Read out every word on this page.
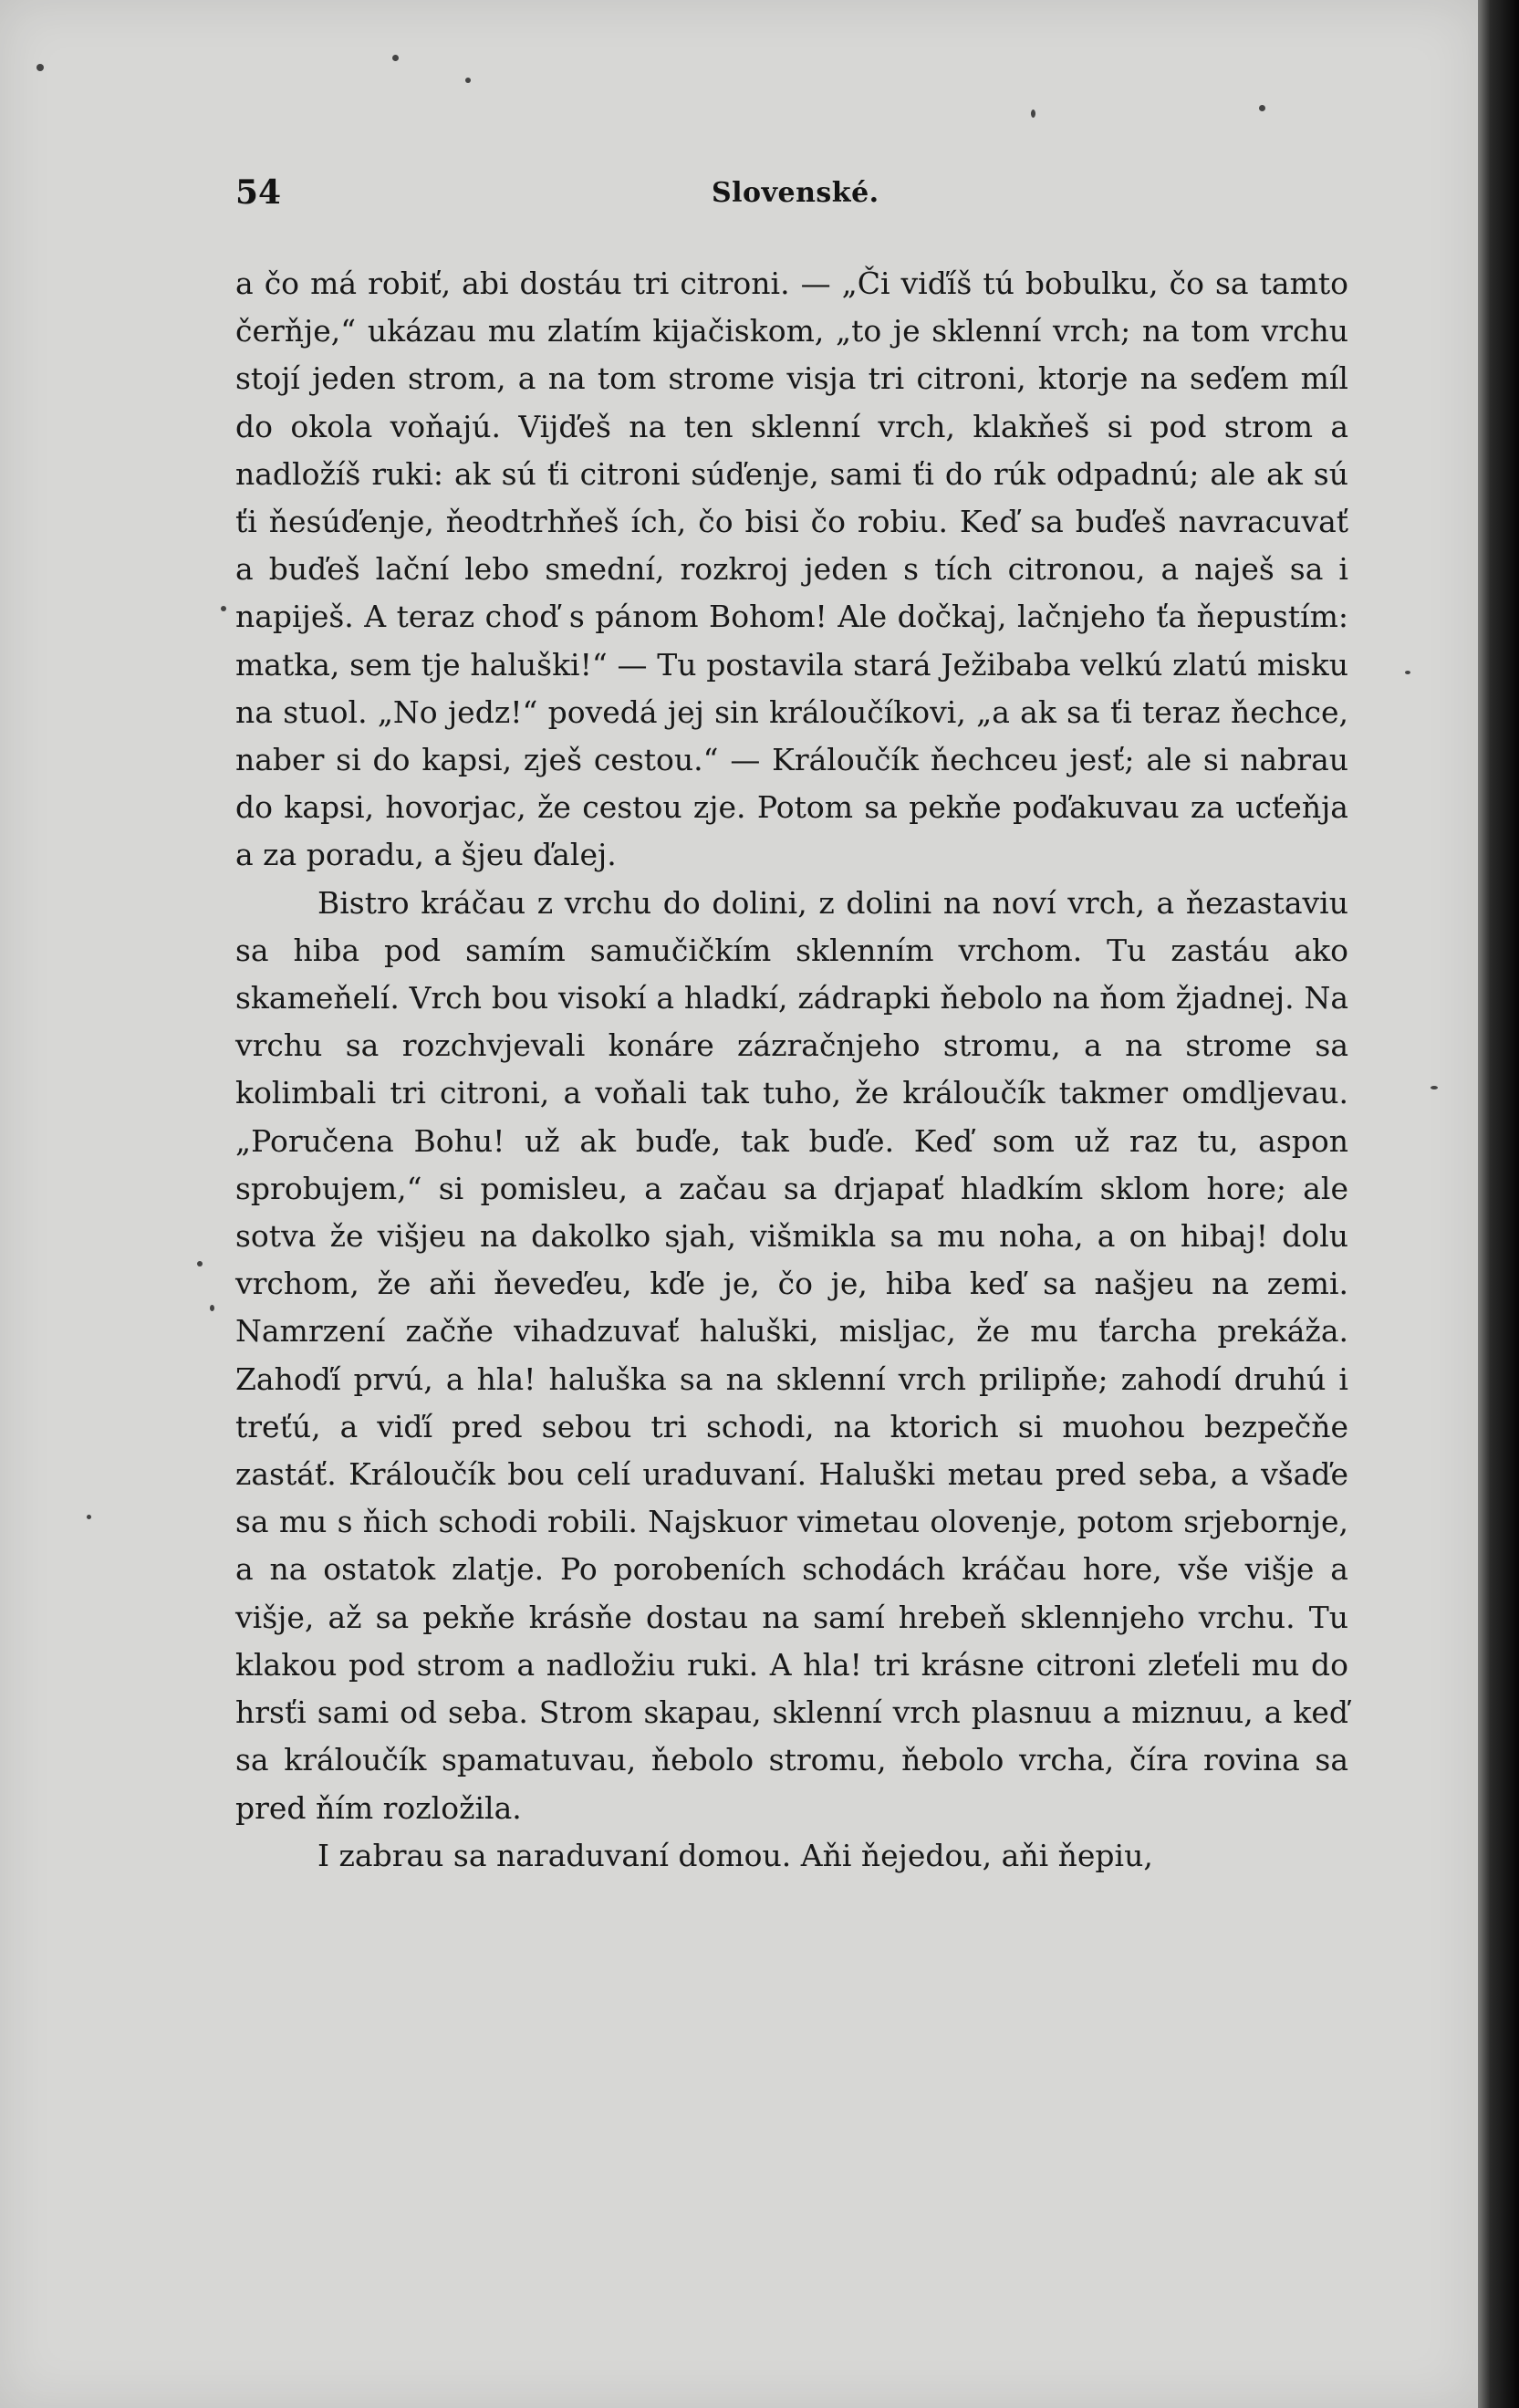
54	Slovenské.

a čo má robiť, abi dostáu tri citroni. — „Či viďíš tú bobulku, čo sa tamto čerňje,“ ukázau mu zlatím kijačiskom, „to je sklenní vrch; na tom vrchu stojí jeden strom, a na tom strome visja tri citroni, ktorje na seďem míl do okola voňajú. Vijďeš na ten sklenní vrch, klakňeš si pod strom a nadložíš ruki: ak sú ťi citroni súďenje, sami ťi do rúk odpadnú; ale ak sú ťi ňesúďenje, ňeodtrhňeš ích, čo bisi čo robiu. Keď sa buďeš navracuvať a buďeš lační lebo smední, rozkroj jeden s tích citronou, a naješ sa i napiješ. A teraz choď s pánom Bohom! Ale dočkaj, lačnjeho ťa ňepustím: matka, sem tje haluški!“ — Tu postavila stará Ježibaba velkú zlatú misku na stuol. „No jedz!“ povedá jej sin králoučíkovi, „a ak sa ťi teraz ňechce, naber si do kapsi, zješ cestou.“ — Králoučík ňechceu jesť; ale si nabrau do kapsi, hovorjac, že cestou zje. Potom sa pekňe poďakuvau za ucťeňja a za poradu, a šjeu ďalej.

Bistro kráčau z vrchu do dolini, z dolini na noví vrch, a ňezastaviu sa hiba pod samím samučičkím sklenním vrchom. Tu zastáu ako skameňelí. Vrch bou visokí a hladkí, zádrapki ňebolo na ňom žjadnej. Na vrchu sa rozchvjevali konáre zázračnjeho stromu, a na strome sa kolimbali tri citroni, a voňali tak tuho, že králoučík takmer omdljevau. „Poručena Bohu! už ak buďe, tak buďe. Keď som už raz tu, aspon sprobujem,“ si pomisleu, a začau sa drjapať hladkím sklom hore; ale sotva že višjeu na dakolko sjah, višmikla sa mu noha, a on hibaj! dolu vrchom, že aňi ňeveďeu, kďe je, čo je, hiba keď sa našjeu na zemi. Namrzení začňe vihadzuvať haluški, misljac, že mu ťarcha prekáža. Zahoďí prvú, a hla! haluška sa na sklenní vrch prilipňe; zahodí druhú i treťú, a viďí pred sebou tri schodi, na ktorich si muohou bezpečňe zastáť. Králoučík bou celí uraduvaní. Haluški metau pred seba, a všaďe sa mu s ňich schodi robili. Najskuor vimetau olovenje, potom srjebornje, a na ostatok zlatje. Po porobeních schodách kráčau hore, vše višje a višje, až sa pekňe krásňe dostau na samí hrebeň sklennjeho vrchu. Tu klakou pod strom a nadložiu ruki. A hla! tri krásne citroni zleťeli mu do hrsťi sami od seba. Strom skapau, sklenní vrch plasnuu a miznuu, a keď sa králoučík spamatuvau, ňebolo stromu, ňebolo vrcha, číra rovina sa pred ňím rozložila.

I zabrau sa naraduvaní domou. Aňi ňejedou, aňi ňepiu,
